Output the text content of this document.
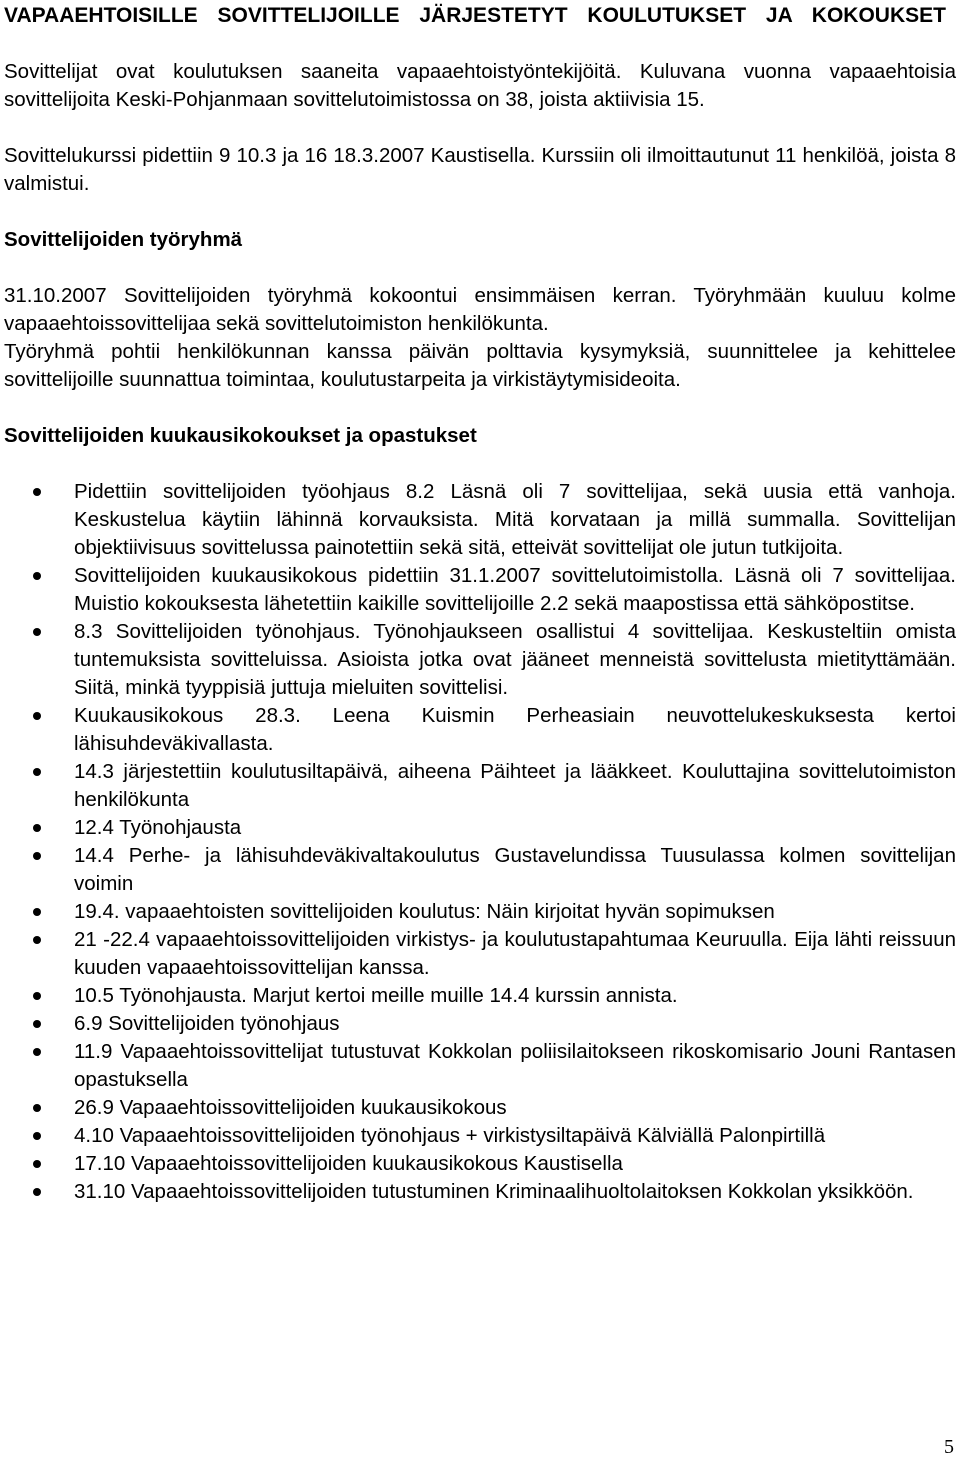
VAPAAEHTOISILLE SOVITTELIJOILLE JÄRJESTETYT KOULUTUKSET JA KOKOUKSET

Sovittelijat ovat koulutuksen saaneita vapaaehtoistyöntekijöitä. Kuluvana vuonna vapaaehtoisia sovittelijoita Keski-Pohjanmaan sovittelutoimistossa on 38, joista aktiivisia 15.

Sovittelukurssi pidettiin 9 10.3 ja 16 18.3.2007 Kaustisella. Kurssiin oli ilmoittautunut 11 henkilöä, joista 8 valmistui.

Sovittelijoiden työryhmä

31.10.2007 Sovittelijoiden työryhmä kokoontui ensimmäisen kerran. Työryhmään kuuluu kolme vapaaehtoissovittelijaa sekä sovittelutoimiston henkilökunta.

Työryhmä pohtii henkilökunnan kanssa päivän polttavia kysymyksiä, suunnittelee ja kehittelee sovittelijoille suunnattua toimintaa, koulutustarpeita ja virkistäytymisideoita.

Sovittelijoiden kuukausikokoukset ja opastukset
Pidettiin sovittelijoiden työohjaus 8.2 Läsnä oli 7 sovittelijaa, sekä uusia että vanhoja. Keskustelua käytiin lähinnä korvauksista. Mitä korvataan ja millä summalla. Sovittelijan objektiivisuus sovittelussa painotettiin sekä sitä, etteivät sovittelijat ole jutun tutkijoita.
Sovittelijoiden kuukausikokous pidettiin 31.1.2007 sovittelutoimistolla. Läsnä oli 7 sovittelijaa. Muistio kokouksesta lähetettiin kaikille sovittelijoille 2.2 sekä maapostissa että sähköpostitse.
8.3 Sovittelijoiden työnohjaus. Työnohjaukseen osallistui 4 sovittelijaa. Keskusteltiin omista tuntemuksista sovitteluissa. Asioista jotka ovat jääneet menneistä sovittelusta mietityttämään. Siitä, minkä tyyppisiä juttuja mieluiten sovittelisi.
Kuukausikokous 28.3. Leena Kuismin Perheasiain neuvottelukeskuksesta kertoi lähisuhdeväkivallasta.
14.3 järjestettiin koulutusiltapäivä, aiheena Päihteet ja lääkkeet. Kouluttajina sovittelutoimiston henkilökunta
12.4 Työnohjausta
14.4 Perhe- ja lähisuhdeväkivaltakoulutus Gustavelundissa Tuusulassa kolmen sovittelijan voimin
19.4. vapaaehtoisten sovittelijoiden koulutus: Näin kirjoitat hyvän sopimuksen
21 -22.4 vapaaehtoissovittelijoiden virkistys- ja koulutustapahtumaa Keuruulla. Eija lähti reissuun kuuden vapaaehtoissovittelijan kanssa.
10.5 Työnohjausta. Marjut kertoi meille muille 14.4 kurssin annista.
6.9 Sovittelijoiden työnohjaus
11.9 Vapaaehtoissovittelijat tutustuvat Kokkolan poliisilaitokseen rikoskomisario Jouni Rantasen opastuksella
26.9 Vapaaehtoissovittelijoiden kuukausikokous
4.10 Vapaaehtoissovittelijoiden työnohjaus + virkistysiltapäivä Kälviällä Palonpirtillä
17.10 Vapaaehtoissovittelijoiden kuukausikokous Kaustisella
31.10 Vapaaehtoissovittelijoiden tutustuminen Kriminaalihuoltolaitoksen Kokkolan yksikköön.
5
